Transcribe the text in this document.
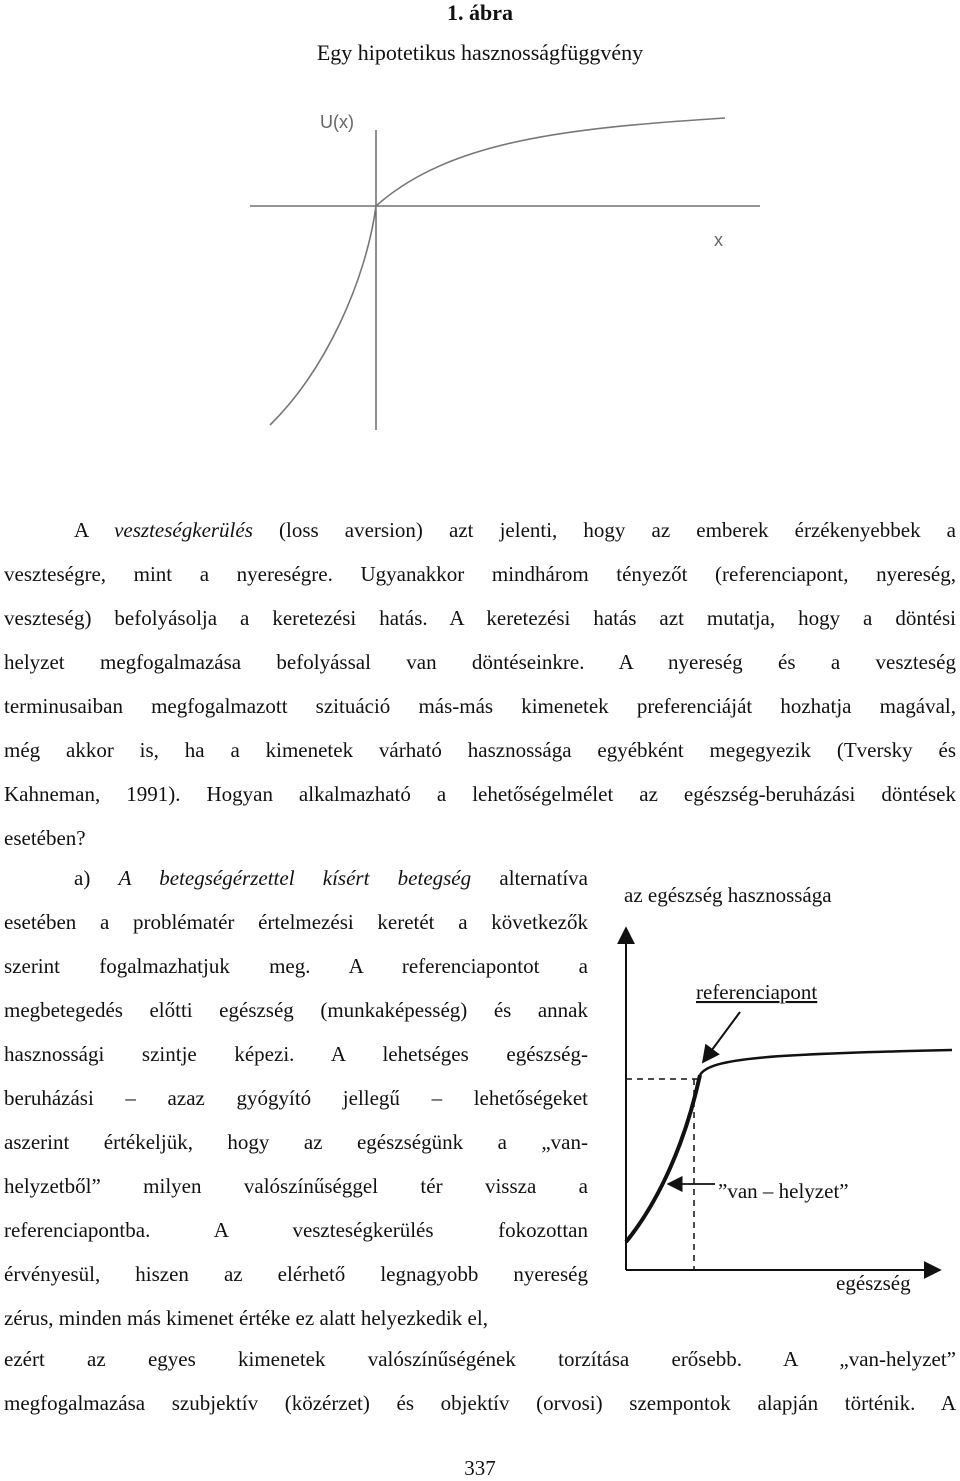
1. ábra
Egy hipotetikus hasznosságfüggvény
U(x)
x
A veszteségkerülés (loss aversion) azt jelenti, hogy az emberek érzékenyebbek a
veszteségre, mint a nyereségre. Ugyanakkor mindhárom tényezőt (referenciapont, nyereség,
veszteség) befolyásolja a keretezési hatás. A keretezési hatás azt mutatja, hogy a döntési
helyzet megfogalmazása befolyással van döntéseinkre. A nyereség és a veszteség
terminusaiban megfogalmazott szituáció más-más kimenetek preferenciáját hozhatja magával,
még akkor is, ha a kimenetek várható hasznossága egyébként megegyezik (Tversky és
Kahneman, 1991). Hogyan alkalmazható a lehetőségelmélet az egészség-beruházási döntések
esetében?
a) A betegségérzettel kísért betegség alternatíva
esetében a problématér értelmezési keretét a következők
szerint fogalmazhatjuk meg. A referenciapontot a
megbetegedés előtti egészség (munkaképesség) és annak
hasznossági szintje képezi. A lehetséges egészség-
beruházási – azaz gyógyító jellegű – lehetőségeket
aszerint értékeljük, hogy az egészségünk a „van-
helyzetből” milyen valószínűséggel tér vissza a
referenciapontba. A veszteségkerülés fokozottan
érvényesül, hiszen az elérhető legnagyobb nyereség
zérus, minden más kimenet értéke ez alatt helyezkedik el,
ezért az egyes kimenetek valószínűségének torzítása erősebb. A „van-helyzet”
megfogalmazása szubjektív (közérzet) és objektív (orvosi) szempontok alapján történik. A
az egészség hasznossága
referenciapont
”van – helyzet”
egészség
337
